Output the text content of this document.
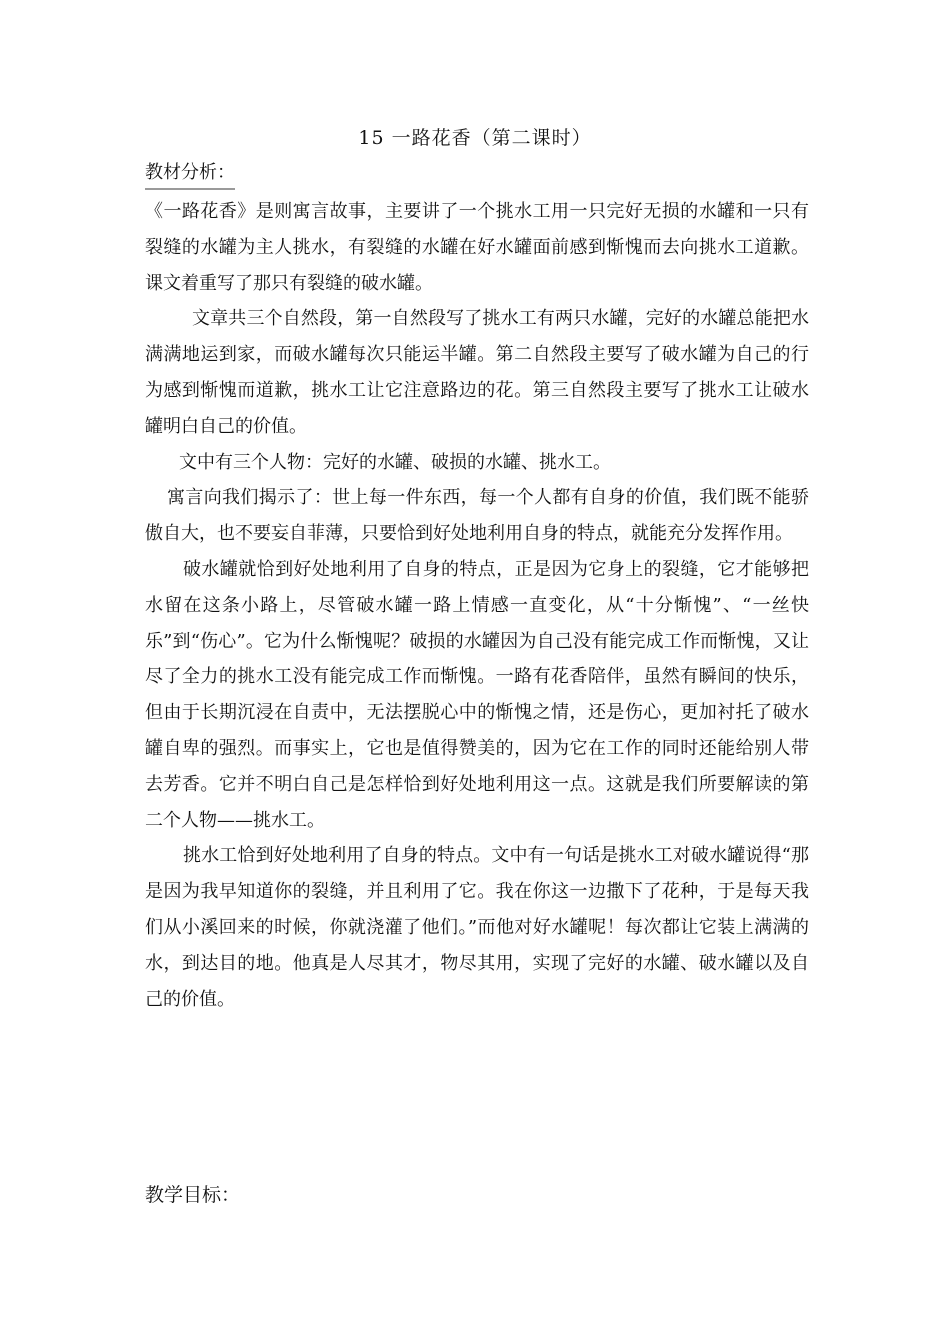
15 一路花香（第二课时）
教材分析：

《一路花香》是则寓言故事，主要讲了一个挑水工用一只完好无损的水罐和一只有裂缝的水罐为主人挑水，有裂缝的水罐在好水罐面前感到惭愧而去向挑水工道歉。课文着重写了那只有裂缝的破水罐。

文章共三个自然段，第一自然段写了挑水工有两只水罐，完好的水罐总能把水满满地运到家，而破水罐每次只能运半罐。第二自然段主要写了破水罐为自己的行为感到惭愧而道歉，挑水工让它注意路边的花。第三自然段主要写了挑水工让破水罐明白自己的价值。

文中有三个人物：完好的水罐、破损的水罐、挑水工。

寓言向我们揭示了：世上每一件东西，每一个人都有自身的价值，我们既不能骄傲自大，也不要妄自菲薄，只要恰到好处地利用自身的特点，就能充分发挥作用。

破水罐就恰到好处地利用了自身的特点，正是因为它身上的裂缝，它才能够把水留在这条小路上，尽管破水罐一路上情感一直变化，从“十分惭愧”、“一丝快乐”到“伤心”。它为什么惭愧呢？破损的水罐因为自己没有能完成工作而惭愧，又让尽了全力的挑水工没有能完成工作而惭愧。一路有花香陪伴，虽然有瞬间的快乐，但由于长期沉浸在自责中，无法摆脱心中的惭愧之情，还是伤心，更加衬托了破水罐自卑的强烈。而事实上，它也是值得赞美的，因为它在工作的同时还能给别人带去芳香。它并不明白自己是怎样恰到好处地利用这一点。这就是我们所要解读的第二个人物——挑水工。

挑水工恰到好处地利用了自身的特点。文中有一句话是挑水工对破水罐说得“那是因为我早知道你的裂缝，并且利用了它。我在你这一边撒下了花种，于是每天我们从小溪回来的时候，你就浇灌了他们。”而他对好水罐呢！每次都让它装上满满的水，到达目的地。他真是人尽其才，物尽其用，实现了完好的水罐、破水罐以及自己的价值。

教学目标：
